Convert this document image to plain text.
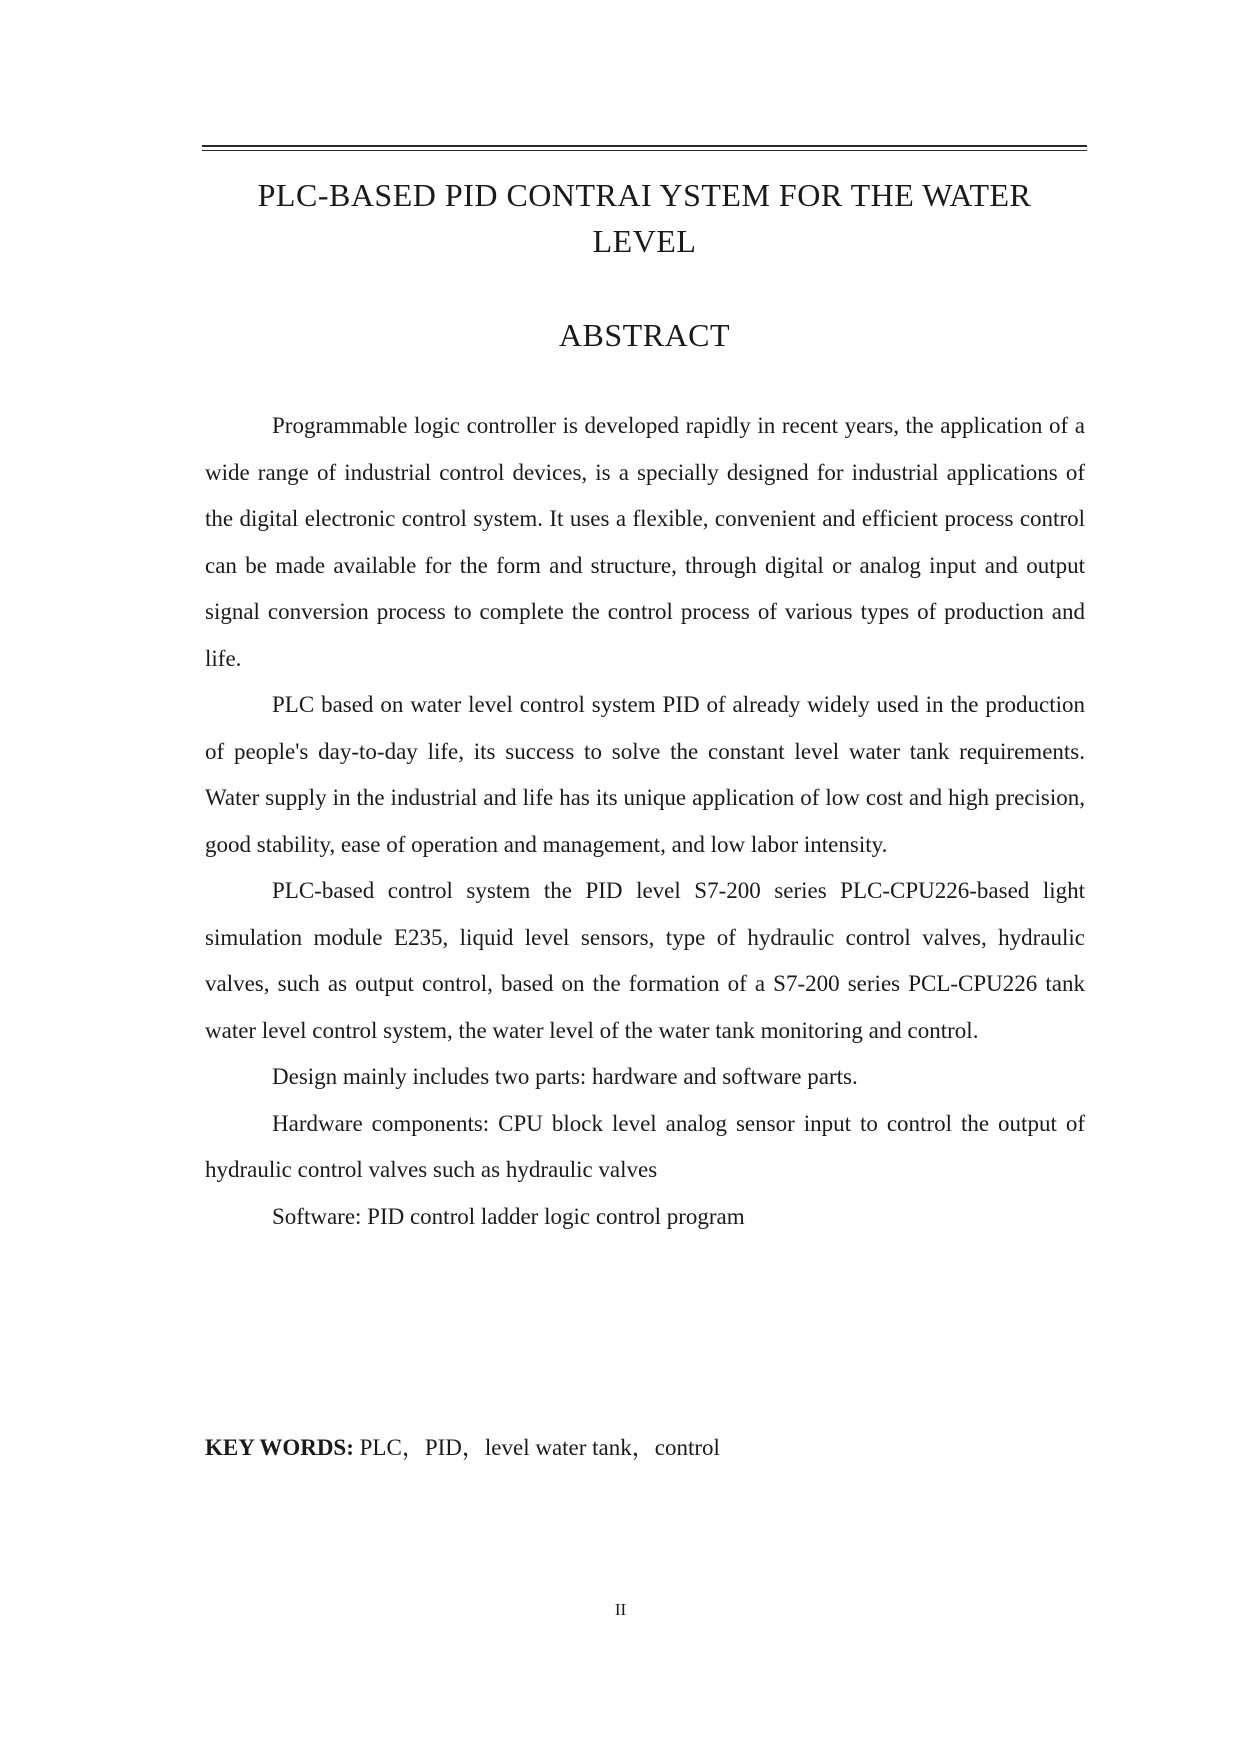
PLC-BASED PID CONTRAI YSTEM FOR THE WATER
LEVEL
ABSTRACT

Programmable logic controller is developed rapidly in recent years, the application of a wide range of industrial control devices, is a specially designed for industrial applications of the digital electronic control system. It uses a flexible, convenient and efficient process control can be made available for the form and structure, through digital or analog input and output signal conversion process to complete the control process of various types of production and life.

PLC based on water level control system PID of already widely used in the production of people's day-to-day life, its success to solve the constant level water tank requirements. Water supply in the industrial and life has its unique application of low cost and high precision, good stability, ease of operation and management, and low labor intensity.

PLC-based control system the PID level S7-200 series PLC-CPU226-based light simulation module E235, liquid level sensors, type of hydraulic control valves, hydraulic valves, such as output control, based on the formation of a S7-200 series PCL-CPU226 tank water level control system, the water level of the water tank monitoring and control.

Design mainly includes two parts: hardware and software parts.

Hardware components: CPU block level analog sensor input to control the output of hydraulic control valves such as hydraulic valves

Software: PID control ladder logic control program

KEY WORDS: PLC，PID，level water tank，control
II
